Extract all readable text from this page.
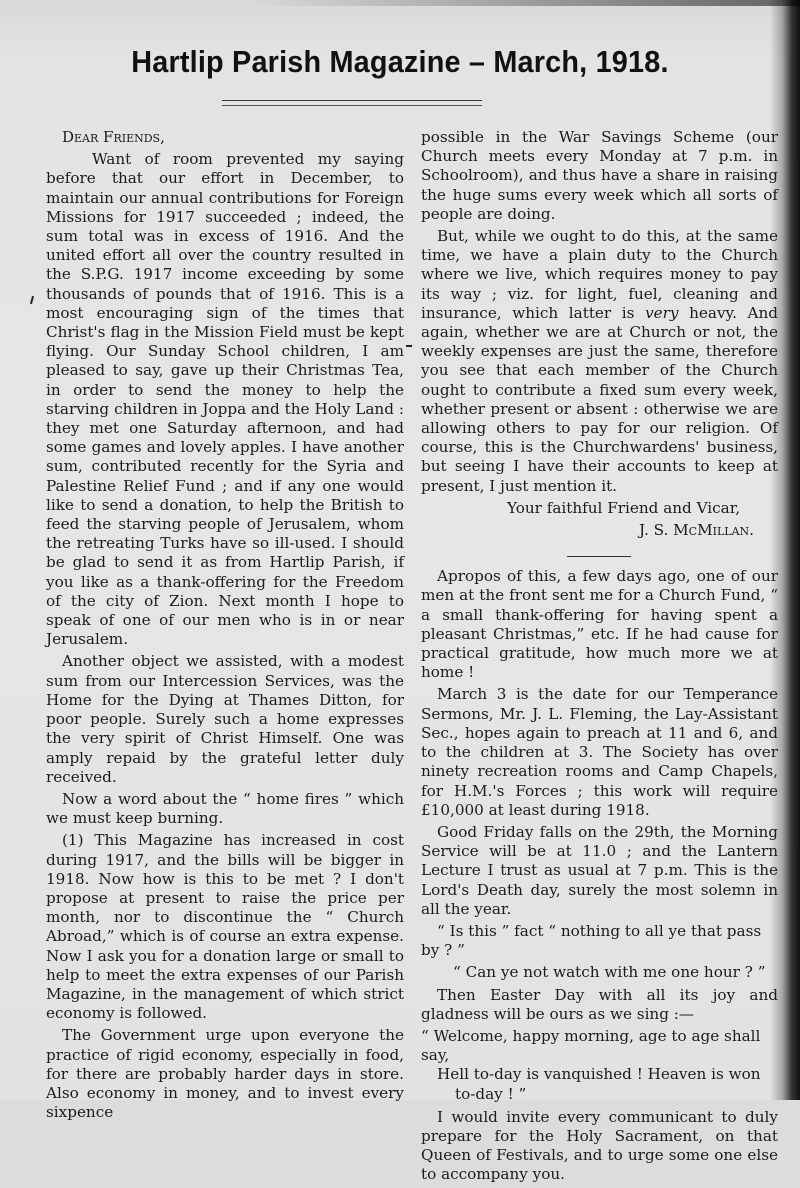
Hartlip Parish Magazine – March, 1918.

Dear Friends,

Want of room prevented my saying before that our effort in December, to maintain our annual contributions for Foreign Missions for 1917 succeeded ; indeed, the sum total was in excess of 1916. And the united effort all over the country resulted in the S.P.G. 1917 income exceeding by some thousands of pounds that of 1916. This is a most encouraging sign of the times that Christ's flag in the Mission Field must be kept flying. Our Sunday School children, I am pleased to say, gave up their Christmas Tea, in order to send the money to help the starving children in Joppa and the Holy Land : they met one Saturday afternoon, and had some games and lovely apples. I have another sum, contributed recently for the Syria and Palestine Relief Fund ; and if any one would like to send a donation, to help the British to feed the starving people of Jerusalem, whom the retreating Turks have so ill-used. I should be glad to send it as from Hartlip Parish, if you like as a thank-offering for the Freedom of the city of Zion. Next month I hope to speak of one of our men who is in or near Jerusalem.

Another object we assisted, with a modest sum from our Intercession Services, was the Home for the Dying at Thames Ditton, for poor people. Surely such a home expresses the very spirit of Christ Himself. One was amply repaid by the grateful letter duly received.

Now a word about the “ home fires ” which we must keep burning.

(1) This Magazine has increased in cost during 1917, and the bills will be bigger in 1918. Now how is this to be met ? I don't propose at present to raise the price per month, nor to discontinue the “ Church Abroad,” which is of course an extra expense. Now I ask you for a donation large or small to help to meet the extra expenses of our Parish Magazine, in the management of which strict economy is followed.

The Government urge upon everyone the practice of rigid economy, especially in food, for there are probably harder days in store. Also economy in money, and to invest every sixpence

possible in the War Savings Scheme (our Church meets every Monday at 7 p.m. in Schoolroom), and thus have a share in raising the huge sums every week which all sorts of people are doing.

But, while we ought to do this, at the same time, we have a plain duty to the Church where we live, which requires money to pay its way ; viz. for light, fuel, cleaning and insurance, which latter is very heavy. And again, whether we are at Church or not, the weekly expenses are just the same, therefore you see that each member of the Church ought to contribute a fixed sum every week, whether present or absent : otherwise we are allowing others to pay for our religion. Of course, this is the Churchwardens' business, but seeing I have their accounts to keep at present, I just mention it.

Your faithful Friend and Vicar,

J. S. McMillan.

Apropos of this, a few days ago, one of our men at the front sent me for a Church Fund, “ a small thank-offering for having spent a pleasant Christmas,” etc. If he had cause for practical gratitude, how much more we at home !

March 3 is the date for our Temperance Sermons, Mr. J. L. Fleming, the Lay-Assistant Sec., hopes again to preach at 11 and 6, and to the children at 3. The Society has over ninety recreation rooms and Camp Chapels, for H.M.'s Forces ; this work will require £10,000 at least during 1918.

Good Friday falls on the 29th, the Morning Service will be at 11.0 ; and the Lantern Lecture I trust as usual at 7 p.m. This is the Lord's Death day, surely the most solemn in all the year.

“ Is this ” fact “ nothing to all ye that pass by ? ”

“ Can ye not watch with me one hour ? ”

Then Easter Day with all its joy and gladness will be ours as we sing :—

“ Welcome, happy morning, age to age shall say,
Hell to-day is vanquished ! Heaven is won
to-day ! ”

I would invite every communicant to duly prepare for the Holy Sacrament, on that Queen of Festivals, and to urge some one else to accompany you.
